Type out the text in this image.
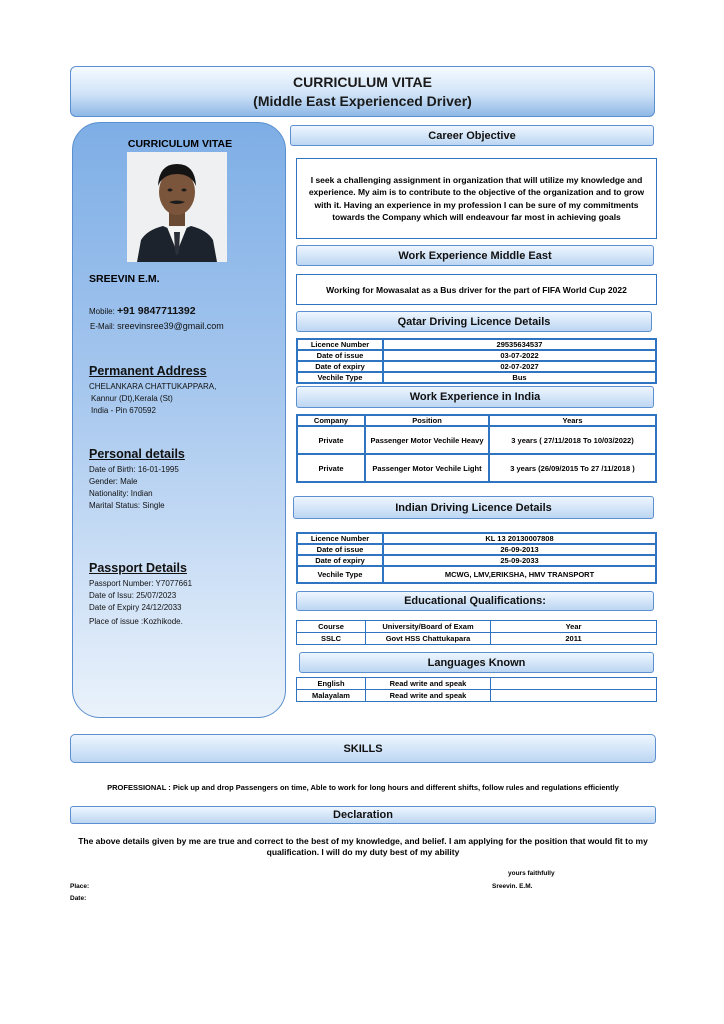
CURRICULUM VITAE
(Middle East Experienced Driver)
CURRICULUM VITAE
SREEVIN E.M.
Mobile: +91 9847711392
E-Mail: sreevinsree39@gmail.com
Permanent Address
CHELANKARA CHATTUKAPPARA,
Kannur (Dt),Kerala (St)
India - Pin 670592
Personal details
Date of Birth: 16-01-1995
Gender: Male
Nationality: Indian
Marital Status: Single
Passport Details
Passport Number: Y7077661
Date of Issu: 25/07/2023
Date of Expiry 24/12/2033
Place of issue :Kozhikode.
Career Objective
I seek a challenging assignment in organization that will utilize my knowledge and experience. My aim is to contribute to the objective of the organization and to grow with it. Having an experience in my profession I can be sure of my commitments towards the Company which will endeavour far most in achieving goals
Work Experience Middle East
Working for Mowasalat as a Bus driver for the part of FIFA World Cup 2022
Qatar Driving Licence Details
Licence Number	29535634537
Date of issue	03-07-2022
Date of expiry	02-07-2027
Vechile Type	Bus
Work Experience in India
Company	Position	Years
Private	Passenger Motor Vechile Heavy	3 years ( 27/11/2018 To 10/03/2022)
Private	Passenger Motor Vechile Light	3 years (26/09/2015 To 27 /11/2018 )
Indian Driving Licence Details
Licence Number	KL 13 20130007808
Date of issue	26-09-2013
Date of expiry	25-09-2033
Vechile Type	MCWG, LMV,ERIKSHA, HMV TRANSPORT
Educational Qualifications:
Course	University/Board of Exam	Year
SSLC	Govt HSS Chattukapara	2011
Languages Known
English	Read write and speak	
Malayalam	Read write and speak	
SKILLS
PROFESSIONAL : Pick up and drop Passengers on time, Able to work for long hours and different shifts, follow rules and regulations efficiently
Declaration
The above details given by me are true and correct to the best of my knowledge, and belief. I am applying for the position that would fit to my qualification. I will do my duty best of my ability
yours faithfully
Sreevin. E.M.
Place:
Date:
